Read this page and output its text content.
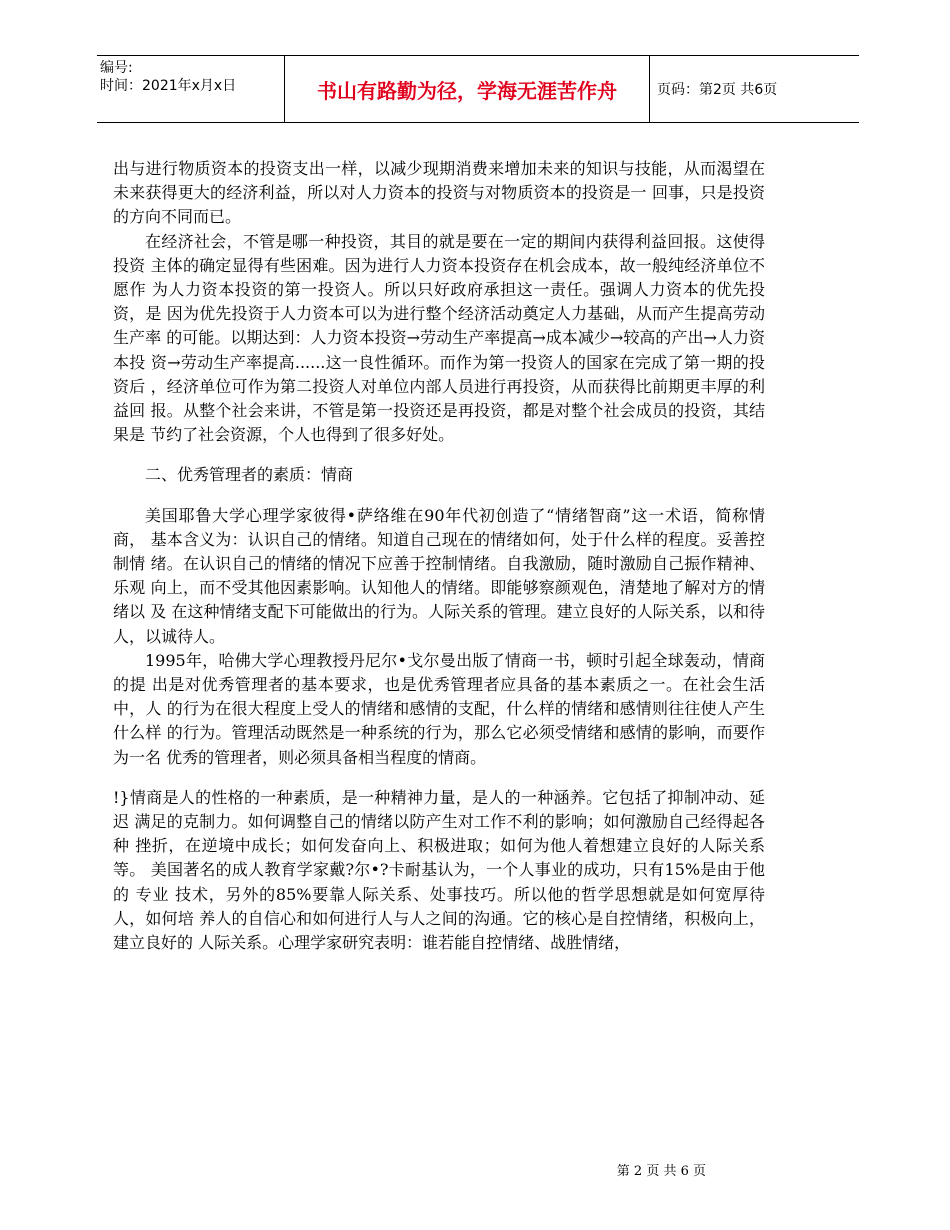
编号:
时间：2021年x月x日	书山有路勤为径，学海无涯苦作舟	页码：第2页 共6页

出与进行物质资本的投资支出一样，以减少现期消费来增加未来的知识与技能，从而渴望在未来获得更大的经济利益，所以对人力资本的投资与对物质资本的投资是一 回事，只是投资的方向不同而已。

在经济社会，不管是哪一种投资，其目的就是要在一定的期间内获得利益回报。这使得投资 主体的确定显得有些困难。因为进行人力资本投资存在机会成本，故一般纯经济单位不愿作 为人力资本投资的第一投资人。所以只好政府承担这一责任。强调人力资本的优先投资，是 因为优先投资于人力资本可以为进行整个经济活动奠定人力基础，从而产生提高劳动生产率 的可能。以期达到：人力资本投资→劳动生产率提高→成本减少→较高的产出→人力资本投 资→劳动生产率提高......这一良性循环。而作为第一投资人的国家在完成了第一期的投资后 ，经济单位可作为第二投资人对单位内部人员进行再投资，从而获得比前期更丰厚的利益回 报。从整个社会来讲，不管是第一投资还是再投资，都是对整个社会成员的投资，其结果是 节约了社会资源，个人也得到了很多好处。

二、优秀管理者的素质：情商

美国耶鲁大学心理学家彼得•萨络维在90年代初创造了“情绪智商”这一术语，简称情商， 基本含义为：认识自己的情绪。知道自己现在的情绪如何，处于什么样的程度。妥善控制情 绪。在认识自己的情绪的情况下应善于控制情绪。自我激励，随时激励自己振作精神、乐观 向上，而不受其他因素影响。认知他人的情绪。即能够察颜观色，清楚地了解对方的情绪以 及 在这种情绪支配下可能做出的行为。人际关系的管理。建立良好的人际关系，以和待人，以诚待人。

1995年，哈佛大学心理教授丹尼尔•戈尔曼出版了情商一书，顿时引起全球轰动，情商的提 出是对优秀管理者的基本要求，也是优秀管理者应具备的基本素质之一。在社会生活中，人 的行为在很大程度上受人的情绪和感情的支配，什么样的情绪和感情则往往使人产生什么样 的行为。管理活动既然是一种系统的行为，那么它必须受情绪和感情的影响，而要作为一名 优秀的管理者，则必须具备相当程度的情商。

!}情商是人的性格的一种素质，是一种精神力量，是人的一种涵养。它包括了抑制冲动、延迟 满足的克制力。如何调整自己的情绪以防产生对工作不利的影响；如何激励自己经得起各种 挫折，在逆境中成长；如何发奋向上、积极进取；如何为他人着想建立良好的人际关系等。 美国著名的成人教育学家戴?尔•?卡耐基认为，一个人事业的成功，只有15%是由于他的 专业 技术，另外的85%要靠人际关系、处事技巧。所以他的哲学思想就是如何宽厚待人，如何培 养人的自信心和如何进行人与人之间的沟通。它的核心是自控情绪，积极向上，建立良好的 人际关系。心理学家研究表明：谁若能自控情绪、战胜情绪，

第 2 页 共 6 页
